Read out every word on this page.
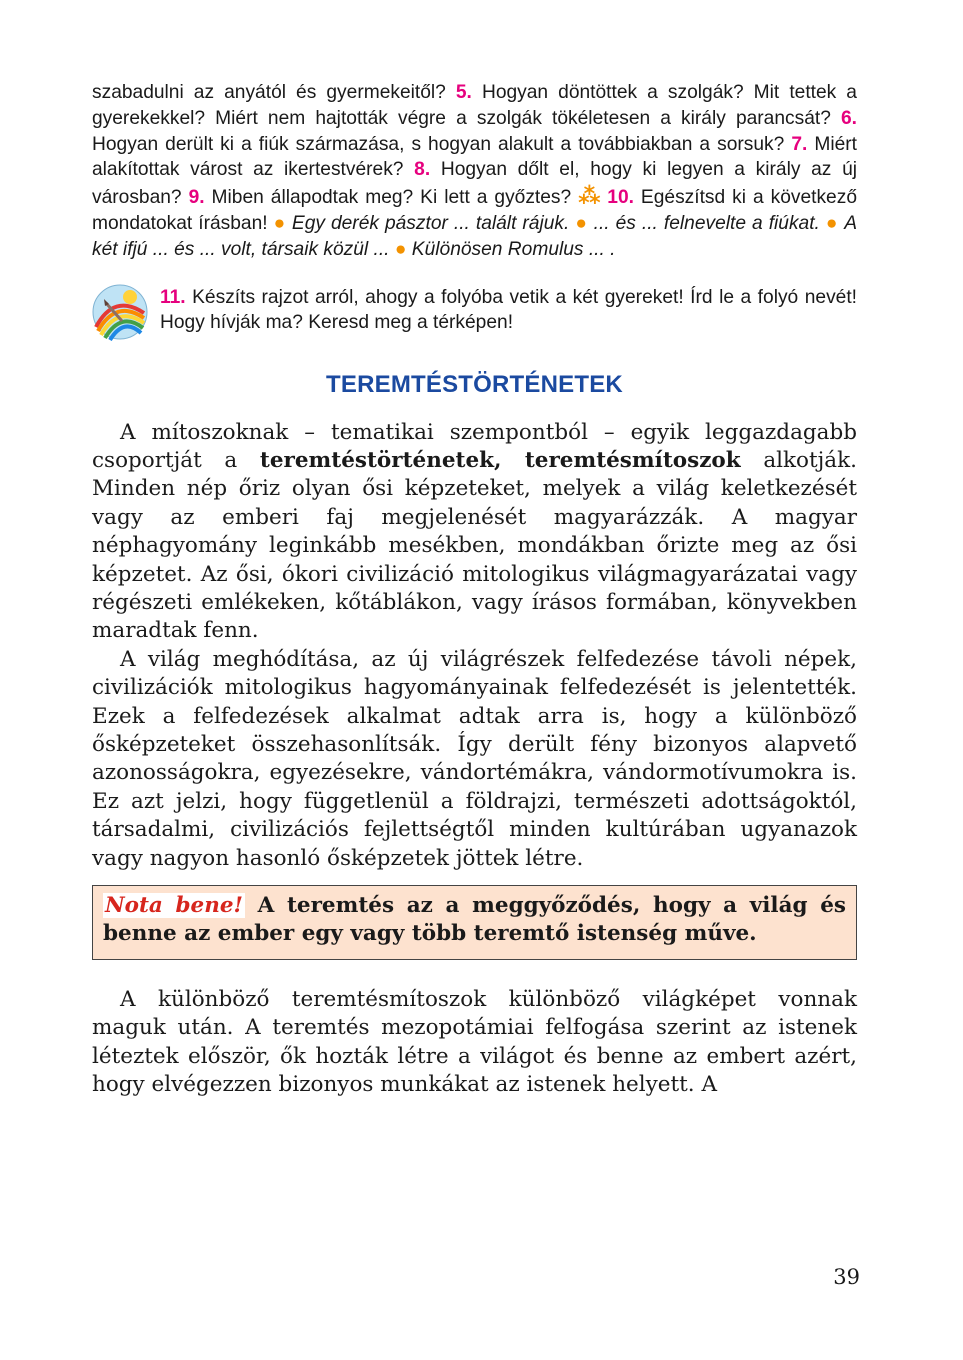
szabadulni az anyától és gyermekeitől? 5. Hogyan döntöttek a szolgák? Mit tettek a gyerekekkel? Miért nem hajtották végre a szolgák tökéletesen a király parancsát? 6. Hogyan derült ki a fiúk származása, s hogyan alakult a továbbiakban a sorsuk? 7. Miért alakítottak várost az ikertestvérek? 8. Hogyan dőlt el, hogy ki legyen a király az új városban? 9. Miben állapodtak meg? Ki lett a győztes? ⁂ 10. Egészítsd ki a következő mondatokat írásban! ● Egy derék pásztor ... talált rájuk. ● ... és ... felnevelte a fiúkat. ● A két ifjú ... és ... volt, társaik közül ... ● Különösen Romulus ... .

11. Készíts rajzot arról, ahogy a folyóba vetik a két gyereket! Írd le a folyó nevét! Hogy hívják ma? Keresd meg a térképen!

TEREMTÉSTÖRTÉNETEK

A mítoszoknak – tematikai szempontból – egyik leggazdagabb csoportját a teremtéstörténetek, teremtésmítoszok alkotják. Minden nép őriz olyan ősi képzeteket, melyek a világ keletkezését vagy az emberi faj megjelenését magyarázzák. A magyar néphagyomány leginkább mesékben, mondákban őrizte meg az ősi képzetet. Az ősi, ókori civilizáció mitologikus világmagyarázatai vagy régészeti emlékeken, kőtáblákon, vagy írásos formában, könyvekben maradtak fenn.

A világ meghódítása, az új világrészek felfedezése távoli népek, civilizációk mitologikus hagyományainak felfedezését is jelentették. Ezek a felfedezések alkalmat adtak arra is, hogy a különböző ősképzeteket összehasonlítsák. Így derült fény bizonyos alapvető azonosságokra, egyezésekre, vándortémákra, vándormotívumokra is. Ez azt jelzi, hogy függetlenül a földrajzi, természeti adottságoktól, társadalmi, civilizációs fejlettségtől minden kultúrában ugyanazok vagy nagyon hasonló ősképzetek jöttek létre.

Nota bene! A teremtés az a meggyőződés, hogy a világ és benne az ember egy vagy több teremtő istenség műve.

A különböző teremtésmítoszok különböző világképet vonnak maguk után. A teremtés mezopotámiai felfogása szerint az istenek léteztek először, ők hozták létre a világot és benne az embert azért, hogy elvégezzen bizonyos munkákat az istenek helyett. A

39
